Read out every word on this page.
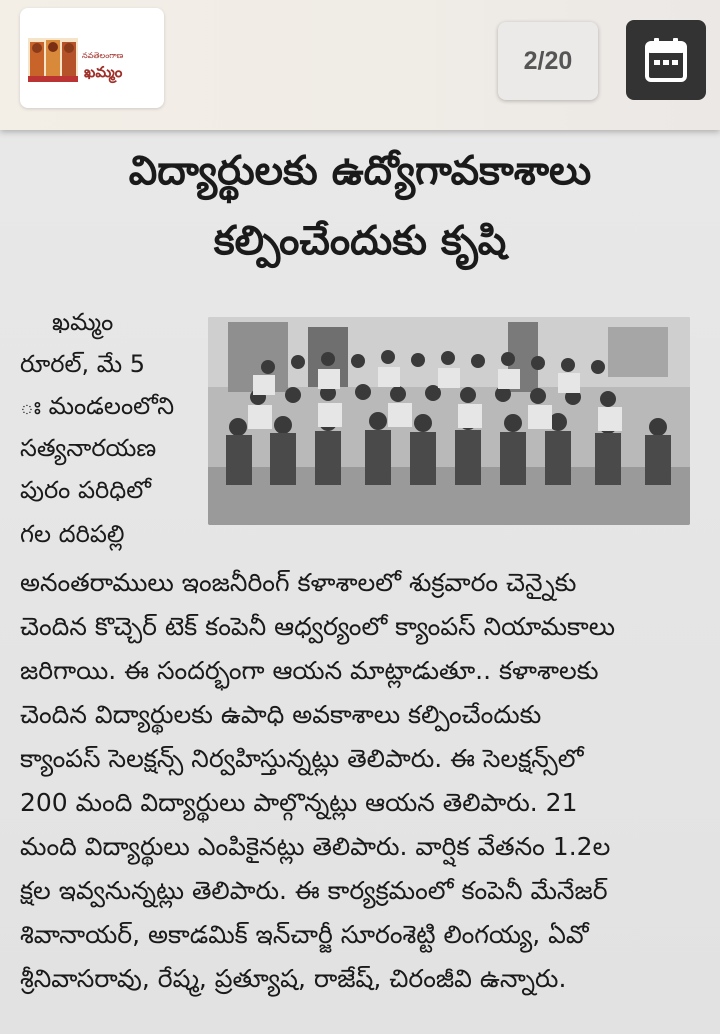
నవతెలంగాణ
ఖమ్మం	2/20
విద్యార్థులకు ఉద్యోగావకాశాలు
కల్పించేందుకు కృషి
ఖమ్మం
రూరల్, మే 5
ః మండలంలోని
సత్యనారయణ
పురం పరిధిలో
గల దరిపల్లి
అనంతరాములు ఇంజనీరింగ్ కళాశాలలో శుక్రవారం చెన్నైకు
చెందిన కొచ్చెర్ టెక్ కంపెనీ ఆధ్వర్యంలో క్యాంపస్ నియామకాలు
జరిగాయి. ఈ సందర్భంగా ఆయన మాట్లాడుతూ.. కళాశాలకు
చెందిన విద్యార్థులకు ఉపాధి అవకాశాలు కల్పించేందుకు
క్యాంపస్ సెలక్షన్స్ నిర్వహిస్తున్నట్లు తెలిపారు. ఈ సెలక్షన్స్‌లో
200 మంది విద్యార్థులు పాల్గొన్నట్లు ఆయన తెలిపారు. 21
మంది విద్యార్థులు ఎంపికైనట్లు తెలిపారు. వార్షిక వేతనం 1.2ల
క్షల ఇవ్వనున్నట్లు తెలిపారు. ఈ కార్యక్రమంలో కంపెనీ మేనేజర్
శివానాయర్, అకాడమిక్ ఇన్‌చార్జీ సూరంశెట్టి లింగయ్య, ఏవో
శ్రీనివాసరావు, రేష్మ, ప్రత్యూష, రాజేష్, చిరంజీవి ఉన్నారు.
